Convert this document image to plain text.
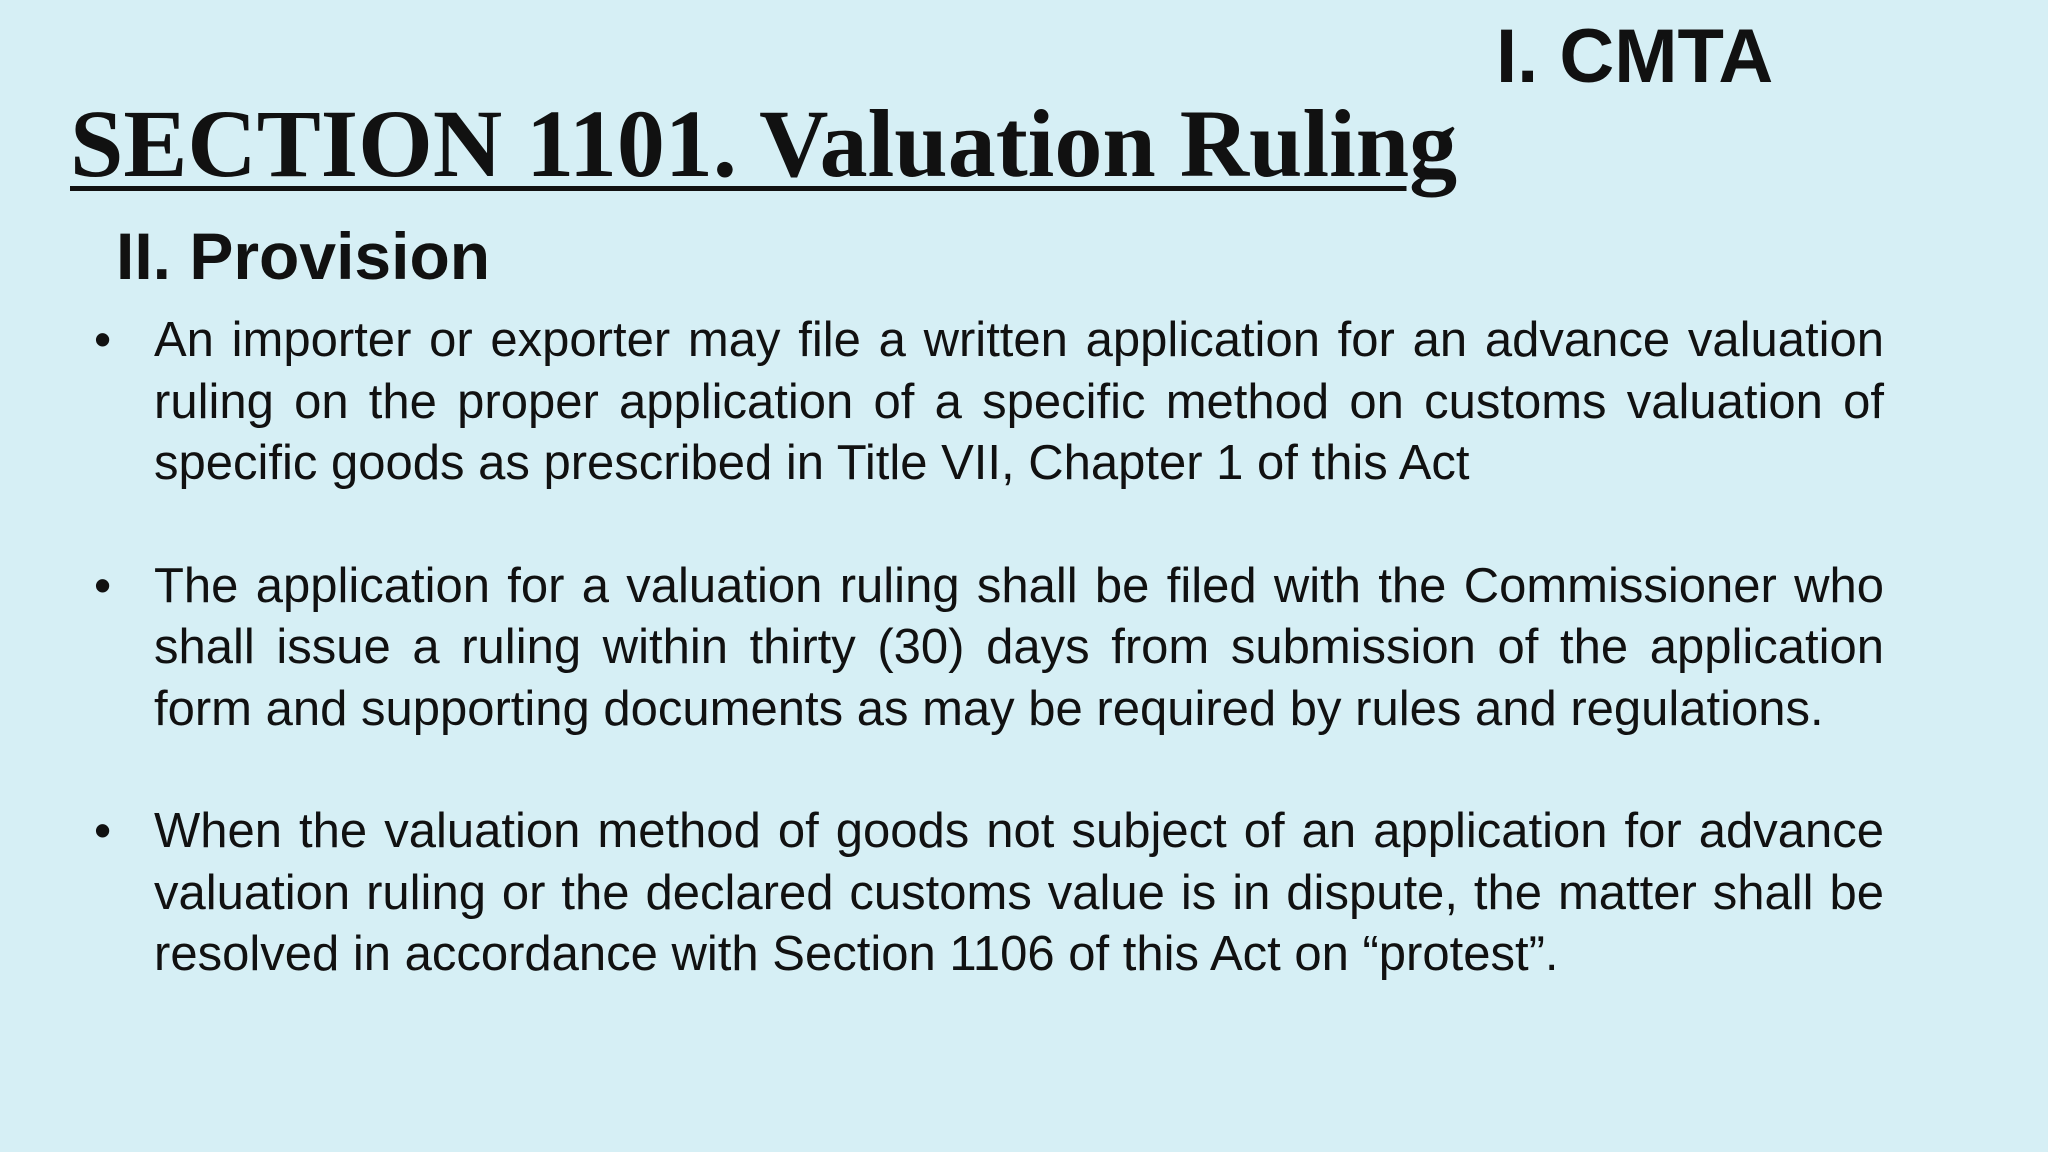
I. CMTA
SECTION 1101. Valuation Ruling
II. Provision
• An importer or exporter may file a written application for an advance valuation ruling on the proper application of a specific method on customs valuation of specific goods as prescribed in Title VII, Chapter 1 of this Act
• The application for a valuation ruling shall be filed with the Commissioner who shall issue a ruling within thirty (30) days from submission of the application form and supporting documents as may be required by rules and regulations.
• When the valuation method of goods not subject of an application for advance valuation ruling or the declared customs value is in dispute, the matter shall be resolved in accordance with Section 1106 of this Act on “protest”.
